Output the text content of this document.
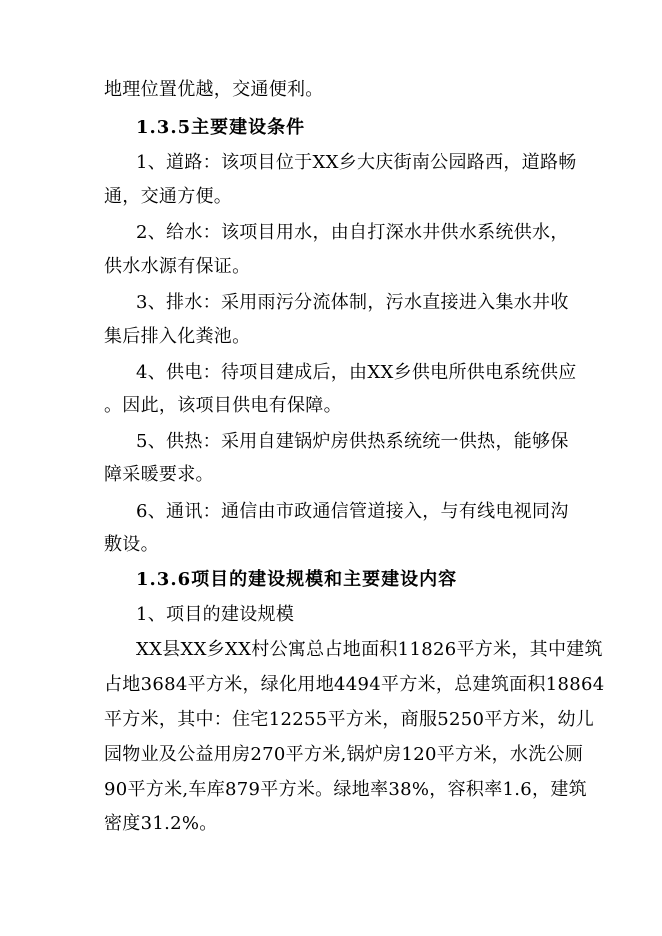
地理位置优越，交通便利。
1.3.5主要建设条件
1、道路：该项目位于XX乡大庆街南公园路西，道路畅
通，交通方便。
2、给水：该项目用水，由自打深水井供水系统供水，
供水水源有保证。
3、排水：采用雨污分流体制，污水直接进入集水井收
集后排入化粪池。
4、供电：待项目建成后，由XX乡供电所供电系统供应
。因此，该项目供电有保障。
5、供热：采用自建锅炉房供热系统统一供热，能够保
障采暖要求。
6、通讯：通信由市政通信管道接入，与有线电视同沟
敷设。
1.3.6项目的建设规模和主要建设内容
1、项目的建设规模
XX县XX乡XX村公寓总占地面积11826平方米，其中建筑
占地3684平方米，绿化用地4494平方米，总建筑面积18864
平方米，其中：住宅12255平方米，商服5250平方米，幼儿
园物业及公益用房270平方米,锅炉房120平方米，水洗公厕
90平方米,车库879平方米。绿地率38%，容积率1.6，建筑
密度31.2%。
